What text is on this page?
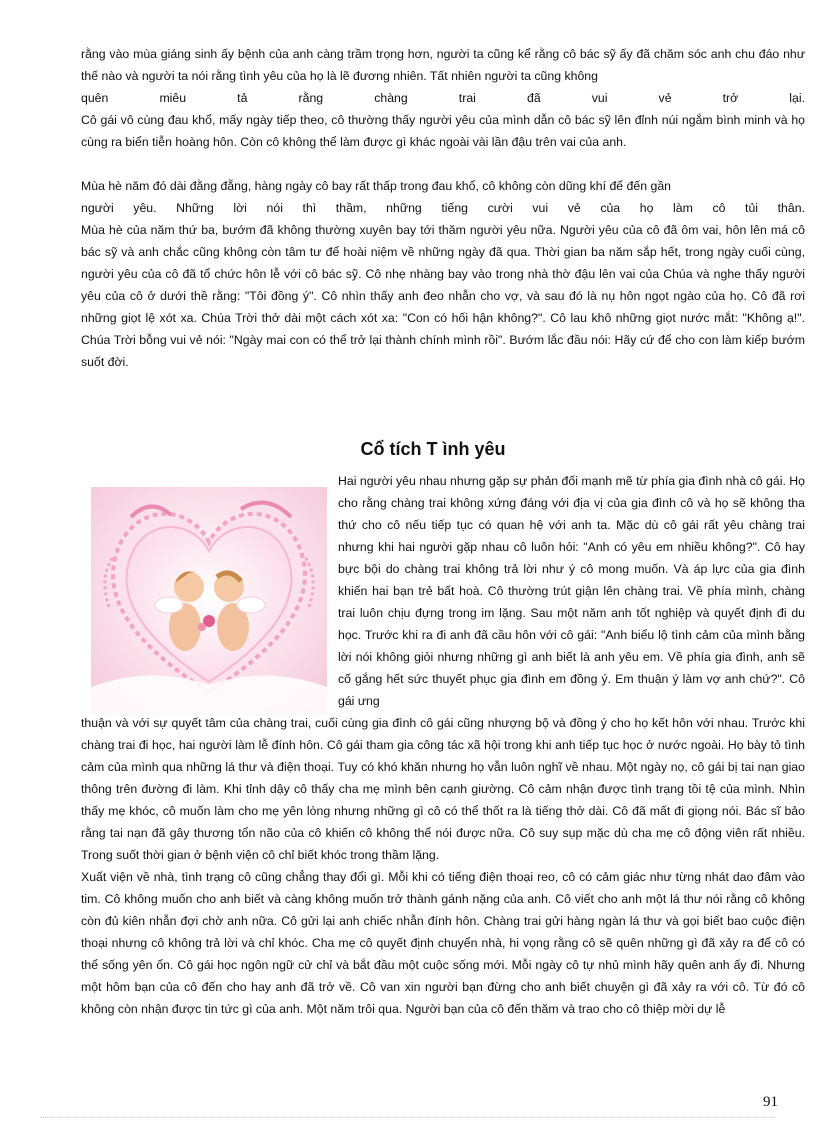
rằng vào mùa giáng sinh ấy bệnh của anh càng trầm trọng hơn, người ta cũng kể rằng cô bác sỹ ấy đã chăm sóc anh chu đáo như thế nào và người ta nói rằng tình yêu của họ là lẽ đương nhiên. Tất nhiên người ta cũng không

quên miêu tả rằng chàng trai đã vui vẻ trở lại.

Cô gái vô cùng đau khổ, mấy ngày tiếp theo, cô thường thấy người yêu của mình dẫn cô bác sỹ lên đỉnh núi ngắm bình minh và họ cùng ra biển tiễn hoàng hôn. Còn cô không thể làm được gì khác ngoài vài lần đậu trên vai của anh.

Mùa hè năm đó dài đằng đẵng, hàng ngày cô bay rất thấp trong đau khổ, cô không còn dũng khí để đến gần

người yêu. Những lời nói thì thầm, những tiếng cười vui vẻ của họ làm cô tủi thân.

Mùa hè của năm thứ ba, bướm đã không thường xuyên bay tới thăm người yêu nữa. Người yêu của cô đã ôm vai, hôn lên má cô bác sỹ và anh chắc cũng không còn tâm tư để hoài niệm về những ngày đã qua. Thời gian ba năm sắp hết, trong ngày cuối cùng, người yêu của cô đã tổ chức hôn lễ với cô bác sỹ. Cô nhẹ nhàng bay vào trong nhà thờ đậu lên vai của Chúa và nghe thấy người yêu của cô ở dưới thề rằng: "Tôi đồng ý". Cô nhìn thấy anh đeo nhẫn cho vợ, và sau đó là nụ hôn ngọt ngào của họ. Cô đã rơi những giọt lệ xót xa. Chúa Trời thở dài một cách xót xa: "Con có hối hận không?". Cô lau khô những giọt nước mắt: "Không ạ!". Chúa Trời bỗng vui vẻ nói: "Ngày mai con có thể trở lại thành chính mình rồi". Bướm lắc đầu nói: Hãy cứ để cho con làm kiếp bướm suốt đời.

Cổ tích T ình yêu

Hai người yêu nhau nhưng gặp sự phản đối mạnh mẽ từ phía gia đình nhà cô gái. Họ cho rằng chàng trai không xứng đáng với địa vị của gia đình cô và họ sẽ không tha thứ cho cô nếu tiếp tục có quan hệ với anh ta. Mặc dù cô gái rất yêu chàng trai nhưng khi hai người gặp nhau cô luôn hỏi: "Anh có yêu em nhiều không?". Cô hay bực bội do chàng trai không trả lời như ý cô mong muốn. Và áp lực của gia đình khiến hai bạn trẻ bất hoà. Cô thường trút giận lên chàng trai. Về phía mình, chàng trai luôn chịu đựng trong im lặng. Sau một năm anh tốt nghiệp và quyết định đi du học. Trước khi ra đi anh đã cầu hôn với cô gái: "Anh biểu lộ tình cảm của mình bằng lời nói không giỏi nhưng những gì anh biết là anh yêu em. Về phía gia đình, anh sẽ cố gắng hết sức thuyết phục gia đình em đồng ý. Em thuận ý làm vợ anh chứ?". Cô gái ưng

thuận và với sự quyết tâm của chàng trai, cuối cùng gia đình cô gái cũng nhượng bộ và đồng ý cho họ kết hôn với nhau. Trước khi chàng trai đi học, hai người làm lễ đính hôn. Cô gái tham gia công tác xã hội trong khi anh tiếp tục học ở nước ngoài. Họ bày tỏ tình cảm của mình qua những lá thư và điện thoại. Tuy có khó khăn nhưng họ vẫn luôn nghĩ về nhau. Một ngày nọ, cô gái bị tai nạn giao thông trên đường đi làm. Khi tỉnh dậy cô thấy cha mẹ mình bên cạnh giường. Cô cảm nhận được tình trạng tồi tệ của mình. Nhìn thấy mẹ khóc, cô muốn làm cho mẹ yên lòng nhưng những gì cô có thể thốt ra là tiếng thở dài. Cô đã mất đi giọng nói. Bác sĩ bảo rằng tai nạn đã gây thương tổn não của cô khiến cô không thể nói được nữa. Cô suy sụp mặc dù cha mẹ cô động viên rất nhiều. Trong suốt thời gian ở bệnh viện cô chỉ biết khóc trong thầm lặng.

Xuất viện về nhà, tình trạng cô cũng chẳng thay đổi gì. Mỗi khi có tiếng điện thoại reo, cô có cảm giác như từng nhát dao đâm vào tim. Cô không muốn cho anh biết và càng không muốn trở thành gánh nặng của anh. Cô viết cho anh một lá thư nói rằng cô không còn đủ kiên nhẫn đợi chờ anh nữa. Cô gửi lại anh chiếc nhẫn đính hôn. Chàng trai gửi hàng ngàn lá thư và gọi biết bao cuộc điện thoại nhưng cô không trả lời và chỉ khóc. Cha mẹ cô quyết định chuyển nhà, hi vọng rằng cô sẽ quên những gì đã xảy ra để cô có thể sống yên ổn. Cô gái học ngôn ngữ cử chỉ và bắt đầu một cuộc sống mới. Mỗi ngày cô tự nhủ mình hãy quên anh ấy đi. Nhưng một hôm bạn của cô đến cho hay anh đã trở về. Cô van xin người bạn đừng cho anh biết chuyện gì đã xảy ra với cô. Từ đó cô không còn nhận được tin tức gì của anh. Một năm trôi qua. Người bạn của cô đến thăm và trao cho cô thiệp mời dự lễ

91
